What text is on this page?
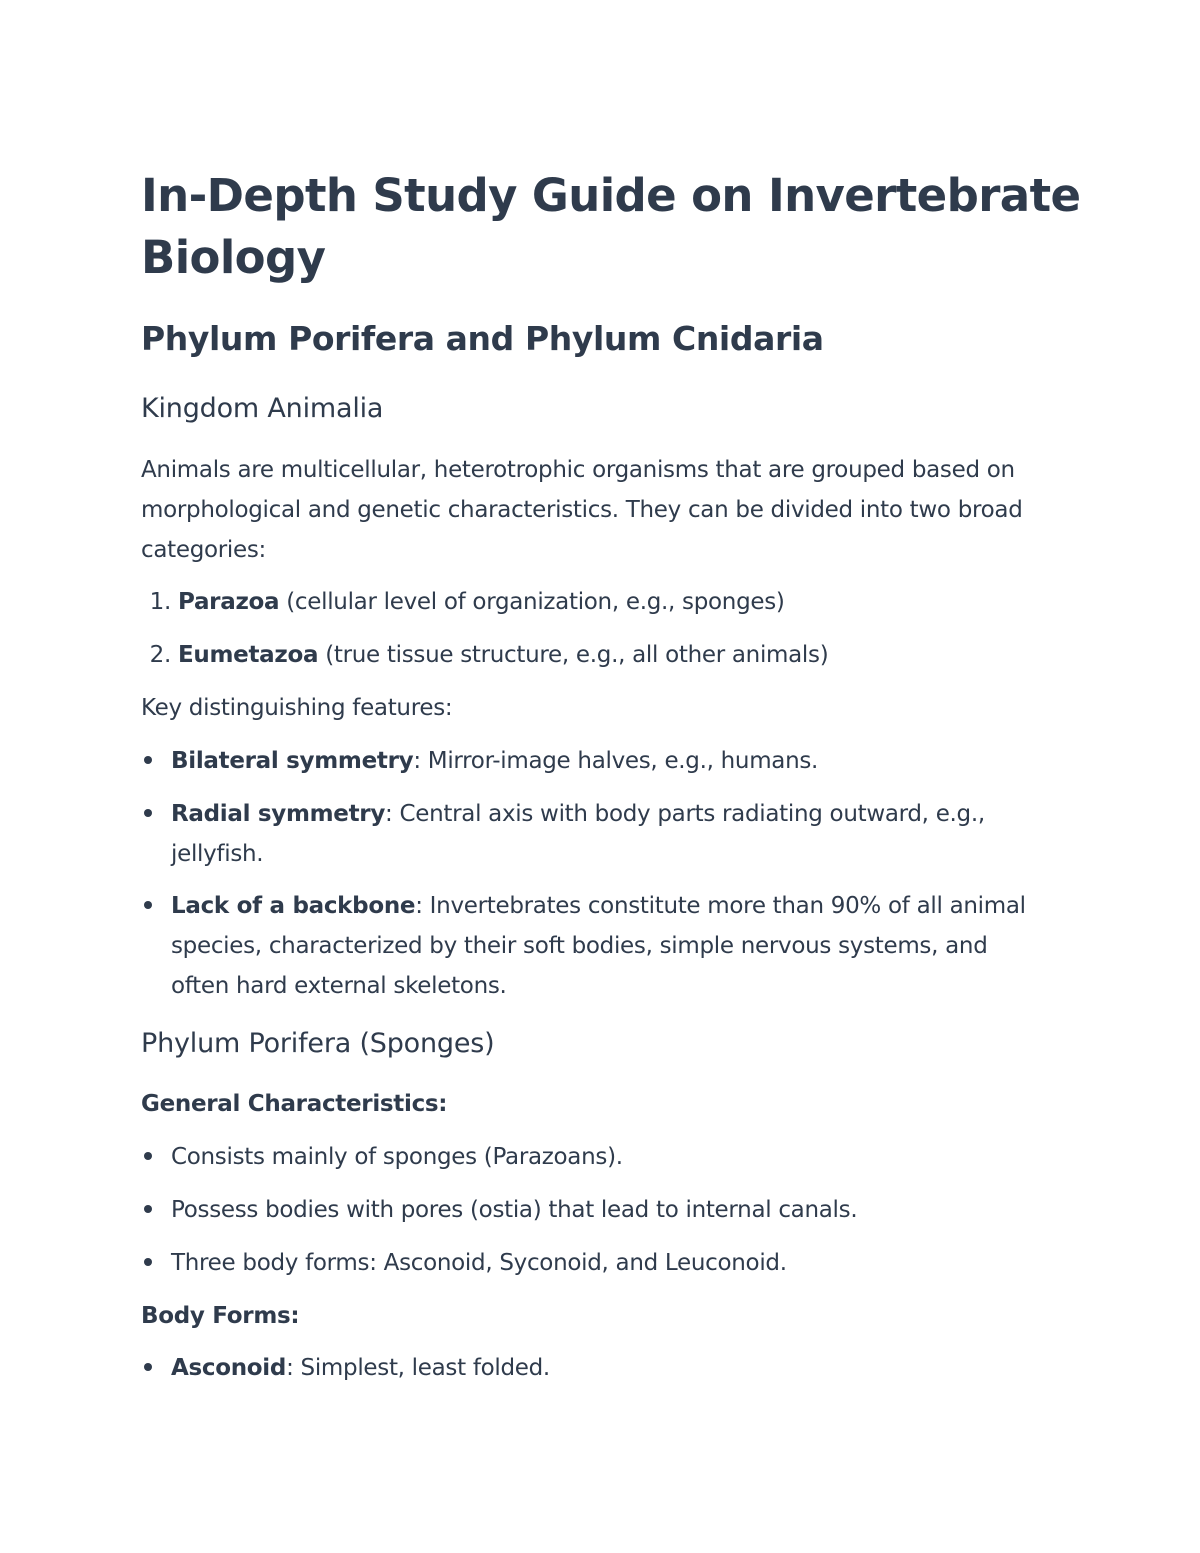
In-Depth Study Guide on Invertebrate Biology
Phylum Porifera and Phylum Cnidaria
Kingdom Animalia

Animals are multicellular, heterotrophic organisms that are grouped based on morphological and genetic characteristics. They can be divided into two broad categories:

1. Parazoa (cellular level of organization, e.g., sponges)
2. Eumetazoa (true tissue structure, e.g., all other animals)

Key distinguishing features:

Bilateral symmetry: Mirror-image halves, e.g., humans.
Radial symmetry: Central axis with body parts radiating outward, e.g., jellyfish.
Lack of a backbone: Invertebrates constitute more than 90% of all animal species, characterized by their soft bodies, simple nervous systems, and often hard external skeletons.
Phylum Porifera (Sponges)

General Characteristics:

Consists mainly of sponges (Parazoans).
Possess bodies with pores (ostia) that lead to internal canals.
Three body forms: Asconoid, Syconoid, and Leuconoid.

Body Forms:

Asconoid: Simplest, least folded.
